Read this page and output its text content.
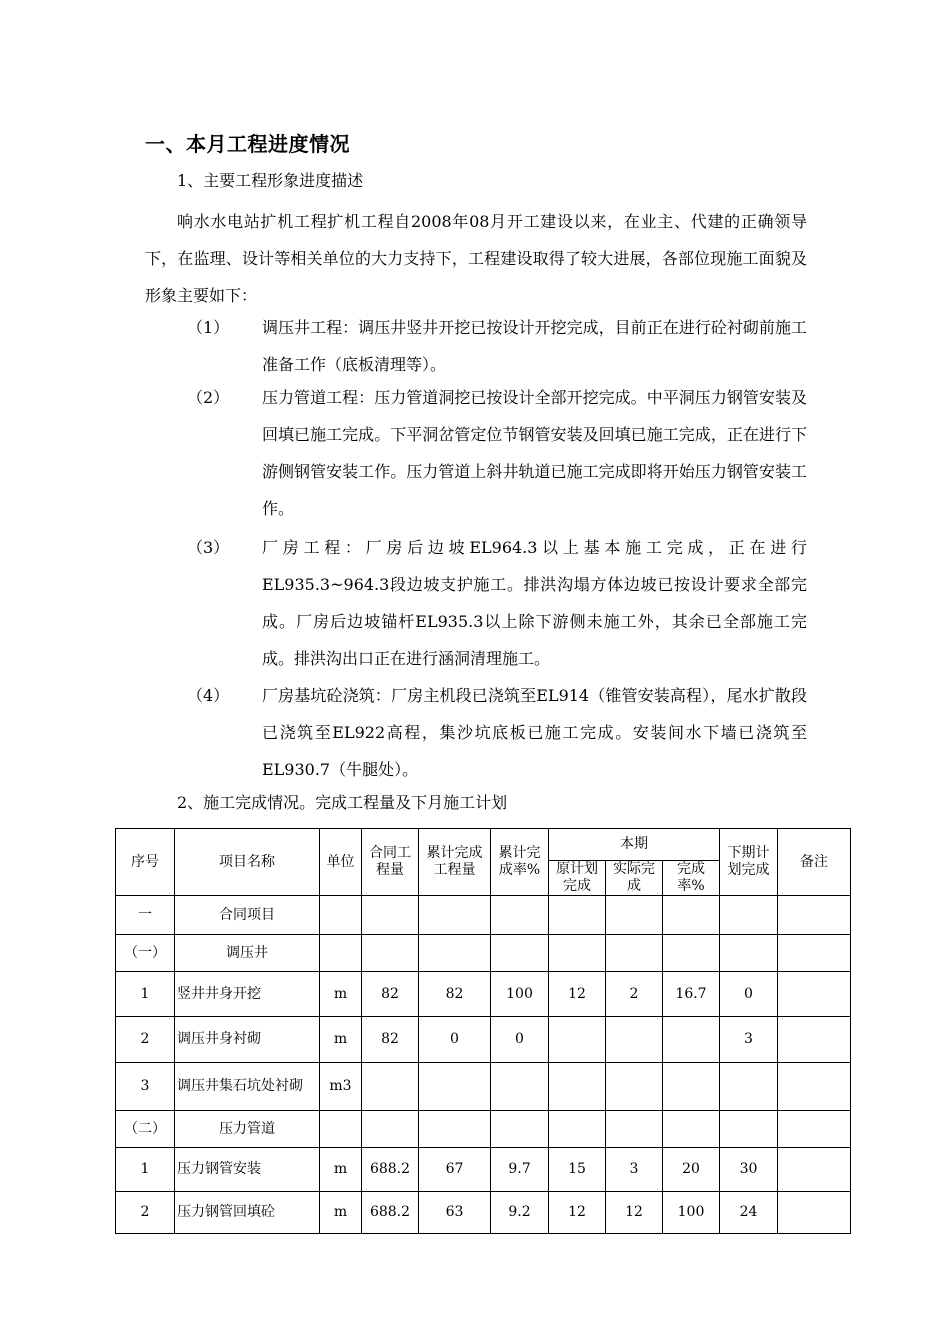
一、本月工程进度情况
1、主要工程形象进度描述
响水水电站扩机工程扩机工程自2008年08月开工建设以来，在业主、代建的正确领导下，在监理、设计等相关单位的大力支持下，工程建设取得了较大进展，各部位现施工面貌及形象主要如下：
（1） 调压井工程：调压井竖井开挖已按设计开挖完成，目前正在进行砼衬砌前施工准备工作（底板清理等）。
（2） 压力管道工程：压力管道洞挖已按设计全部开挖完成。中平洞压力钢管安装及回填已施工完成。下平洞岔管定位节钢管安装及回填已施工完成，正在进行下游侧钢管安装工作。压力管道上斜井轨道已施工完成即将开始压力钢管安装工作。
（3） 厂房工程：厂房后边坡EL964.3以上基本施工完成，正在进行EL935.3~964.3段边坡支护施工。排洪沟塌方体边坡已按设计要求全部完成。厂房后边坡锚杆EL935.3以上除下游侧未施工外，其余已全部施工完成。排洪沟出口正在进行涵洞清理施工。
（4） 厂房基坑砼浇筑：厂房主机段已浇筑至EL914（锥管安装高程），尾水扩散段已浇筑至EL922高程，集沙坑底板已施工完成。安装间水下墙已浇筑至EL930.7（牛腿处）。
2、施工完成情况。完成工程量及下月施工计划
序号	项目名称	单位	合同工程量	累计完成工程量	累计完成率%	本期			下期计划完成	备注
						原计划完成	实际完成	完成率%		
一	合同项目									
（一）	调压井									
1	竖井井身开挖	m	82	82	100	12	2	16.7	0	
2	调压井身衬砌	m	82	0	0				3	
3	调压井集石坑处衬砌	m3								
（二）	压力管道									
1	压力钢管安装	m	688.2	67	9.7	15	3	20	30	
2	压力钢管回填砼	m	688.2	63	9.2	12	12	100	24	
